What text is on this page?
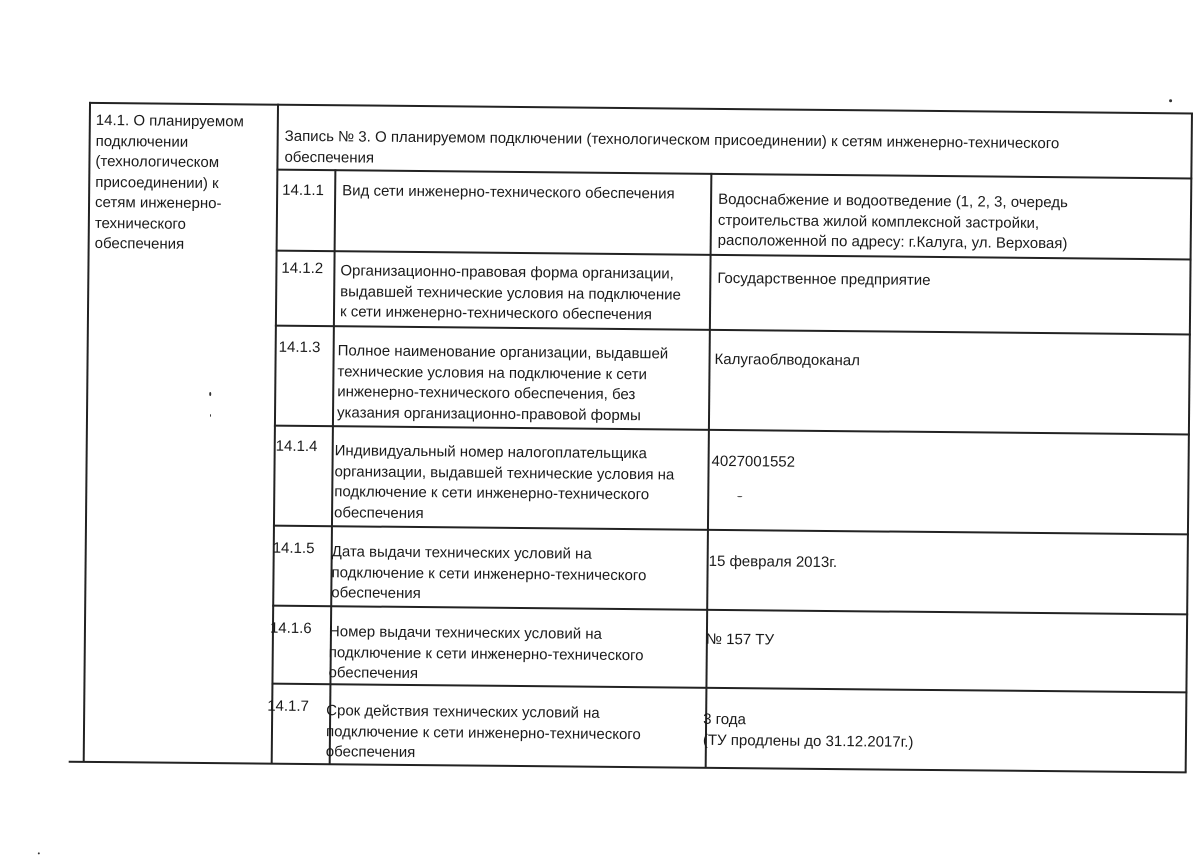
14.1. О планируемом
подключении
(технологическом
присоединении) к
сетям инженерно-
технического
обеспечения
Запись № 3. О планируемом подключении (технологическом присоединении) к сетям инженерно-технического
обеспечения
14.1.1 Вид сети инженерно-технического обеспечения	Водоснабжение и водоотведение (1, 2, 3, очередь
строительства жилой комплексной застройки,
расположенной по адресу: г.Калуга, ул. Верховая)
14.1.2 Организационно-правовая форма организации,
выдавшей технические условия на подключение
к сети инженерно-технического обеспечения
Государственное предприятие
14.1.3 Полное наименование организации, выдавшей
технические условия на подключение к сети
инженерно-технического обеспечения, без
указания организационно-правовой формы
Калугаоблводоканал
14.1.4 Индивидуальный номер налогоплательщика
организации, выдавшей технические условия на
подключение к сети инженерно-технического
обеспечения
4027001552
14.1.5 Дата выдачи технических условий на
подключение к сети инженерно-технического
обеспечения
15 февраля 2013г.
14.1.6 Номер выдачи технических условий на
подключение к сети инженерно-технического
обеспечения
№ 157 ТУ
14.1.7 Срок действия технических условий на
подключение к сети инженерно-технического
обеспечения
3 года
(ТУ продлены до 31.12.2017г.)
